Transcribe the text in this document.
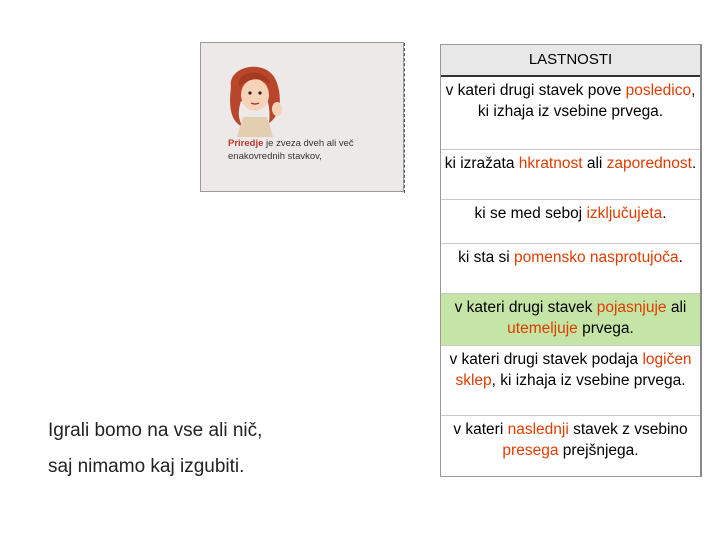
Priredje je zveza dveh ali več enakovrednih stavkov,
Igrali bomo na vse ali nič,
saj nimamo kaj izgubiti.
LASTNOSTI
v kateri drugi stavek pove posledico, ki izhaja iz vsebine prvega.
ki izražata hkratnost ali zaporednost.
ki se med seboj izključujeta.
ki sta si pomensko nasprotujoča.
v kateri drugi stavek pojasnjuje ali utemeljuje prvega.
v kateri drugi stavek podaja logičen sklep, ki izhaja iz vsebine prvega.
v kateri naslednji stavek z vsebino presega prejšnjega.
